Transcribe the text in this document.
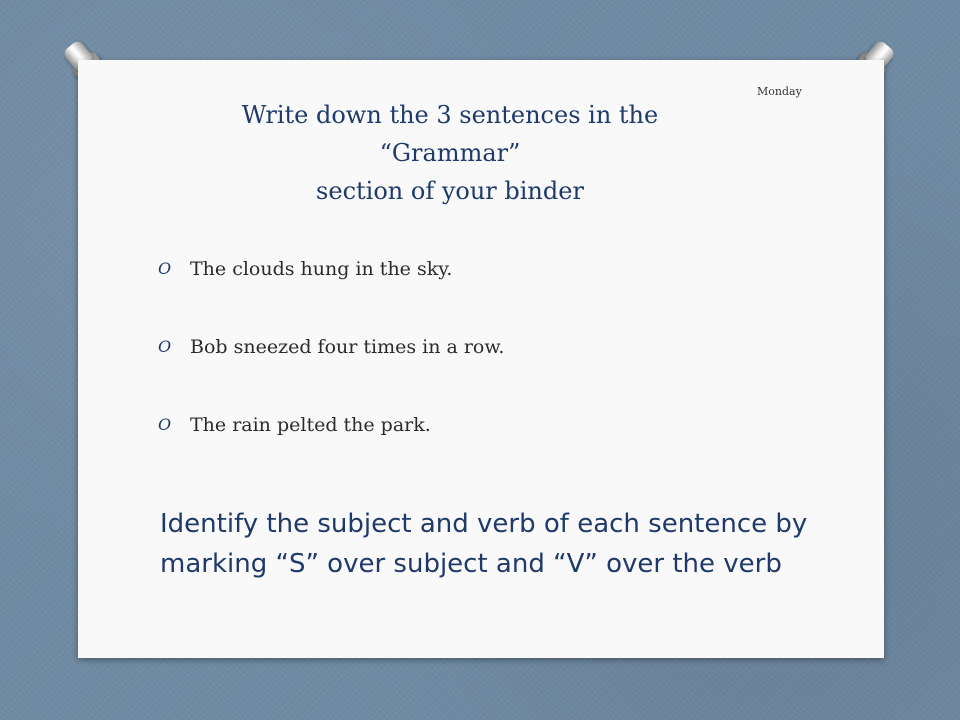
Monday
Write down the 3 sentences in the
“Grammar”
section of your binder
O The clouds hung in the sky.
O Bob sneezed four times in a row.
O The rain pelted the park.
Identify the subject and verb of each sentence by
marking “S” over subject and “V” over the verb
